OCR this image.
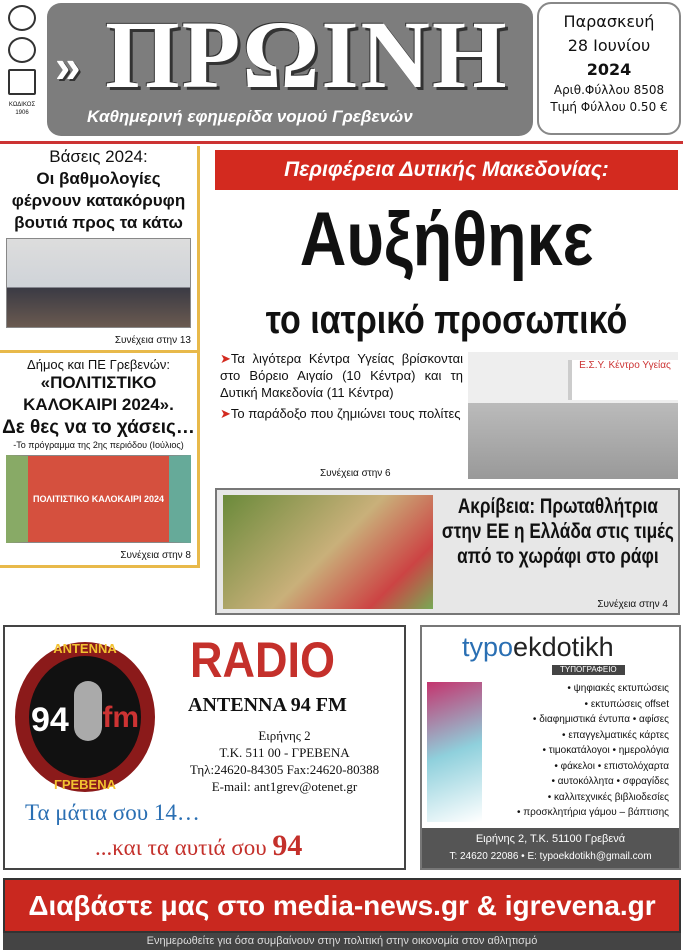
ΚΩΔΙΚΟΣ 1906
» ΠΡΩΙΝΗ
Καθημερινή εφημερίδα νομού Γρεβενών
Παρασκευή
28 Ιουνίου
2024
Αριθ.Φύλλου 8508
Τιμή Φύλλου 0.50 €
Βάσεις 2024:
Οι βαθμολογίες φέρνουν κατακόρυφη βουτιά προς τα κάτω
Συνέχεια στην 13
Δήμος και ΠΕ Γρεβενών:
«ΠΟΛΙΤΙΣΤΙΚΟ ΚΑΛΟΚΑΙΡΙ 2024».
Δε θες να το χάσεις…
-Το πρόγραμμα της 2ης περιόδου (Ιούλιος)
ΠΟΛΙΤΙΣΤΙΚΟ ΚΑΛΟΚΑΙΡΙ 2024
Συνέχεια στην 8
Περιφέρεια Δυτικής Μακεδονίας:
Αυξήθηκε
το ιατρικό προσωπικό

➤Τα λιγότερα Κέντρα Υγείας βρίσκονται στο Βόρειο Αιγαίο (10 Κέντρα) και τη Δυτική Μακεδονία (11 Κέντρα)

➤Το παράδοξο που ζημιώνει τους πολίτες

Συνέχεια στην 6
Ε.Σ.Υ. Κέντρο Υγείας
Ακρίβεια: Πρωταθλήτρια στην ΕΕ η Ελλάδα στις τιμές από το χωράφι στο ράφι
Συνέχεια στην 4
ΑΝΤΕΝΝΑ
94 fm
ΓΡΕΒΕΝΑ
RADIO
ANTENNA 94 FM
Ειρήνης 2
Τ.Κ. 511 00 - ΓΡΕΒΕΝΑ
Τηλ:24620-84305 Fax:24620-80388
E-mail: ant1grev@otenet.gr
Τα μάτια σου 14…
...και τα αυτιά σου 94
typoekdotikh
ΤΥΠΟΓΡΑΦΕΙΟ
• ψηφιακές εκτυπώσεις
• εκτυπώσεις offset
• διαφημιστικά έντυπα • αφίσες
• επαγγελματικές κάρτες
• τιμοκατάλογοι • ημερολόγια
• φάκελοι • επιστολόχαρτα
• αυτοκόλλητα • σφραγίδες
• καλλιτεχνικές βιβλιοδεσίες
• προσκλητήρια γάμου – βάπτισης
Ειρήνης 2, Τ.Κ. 51100 Γρεβενά
T: 24620 22086 • E: typoekdotikh@gmail.com
Διαβάστε μας στο media-news.gr & igrevena.gr
Ενημερωθείτε για όσα συμβαίνουν στην πολιτική στην οικονομία στον αθλητισμό
